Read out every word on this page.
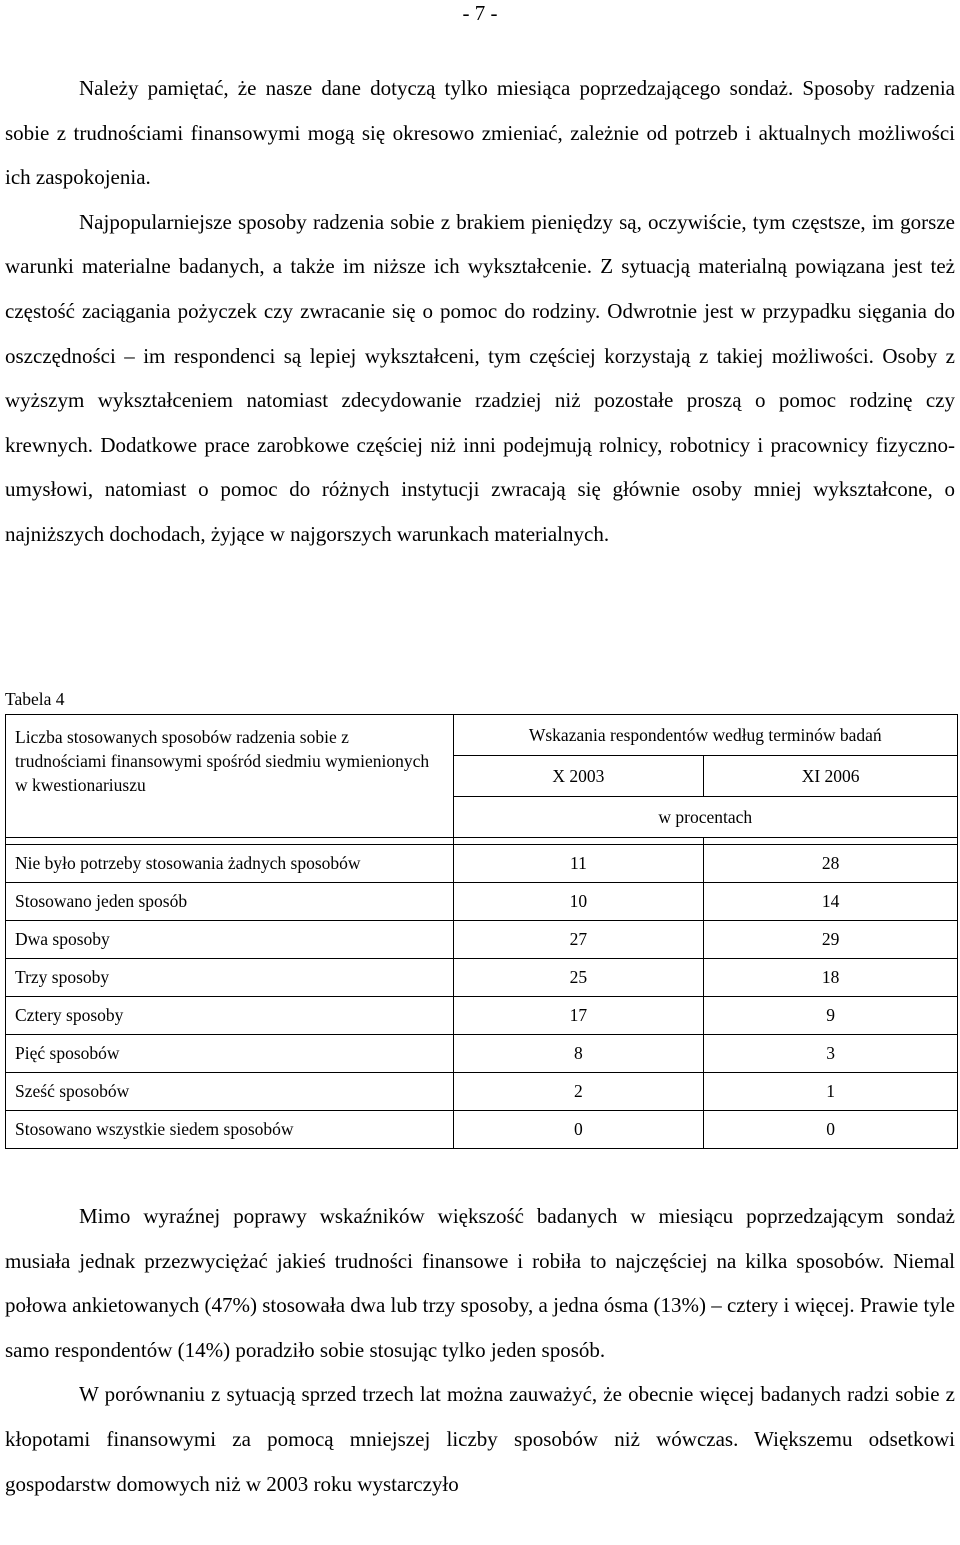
- 7 -

Należy pamiętać, że nasze dane dotyczą tylko miesiąca poprzedzającego sondaż. Sposoby radzenia sobie z trudnościami finansowymi mogą się okresowo zmieniać, zależnie od potrzeb i aktualnych możliwości ich zaspokojenia.

Najpopularniejsze sposoby radzenia sobie z brakiem pieniędzy są, oczywiście, tym częstsze, im gorsze warunki materialne badanych, a także im niższe ich wykształcenie. Z sytuacją materialną powiązana jest też częstość zaciągania pożyczek czy zwracanie się o pomoc do rodziny. Odwrotnie jest w przypadku sięgania do oszczędności – im respondenci są lepiej wykształceni, tym częściej korzystają z takiej możliwości. Osoby z wyższym wykształceniem natomiast zdecydowanie rzadziej niż pozostałe proszą o pomoc rodzinę czy krewnych. Dodatkowe prace zarobkowe częściej niż inni podejmują rolnicy, robotnicy i pracownicy fizyczno-umysłowi, natomiast o pomoc do różnych instytucji zwracają się głównie osoby mniej wykształcone, o najniższych dochodach, żyjące w najgorszych warunkach materialnych.

Tabela 4
Liczba stosowanych sposobów radzenia sobie z trudnościami finansowymi spośród siedmiu wymienionych w kwestionariuszu	Wskazania respondentów według terminów badań	
	X 2003	XI 2006
	w procentach	

Nie było potrzeby stosowania żadnych sposobów	11	28
Stosowano jeden sposób	10	14
Dwa sposoby	27	29
Trzy sposoby	25	18
Cztery sposoby	17	9
Pięć sposobów	8	3
Sześć sposobów	2	1
Stosowano wszystkie siedem sposobów	0	0

Mimo wyraźnej poprawy wskaźników większość badanych w miesiącu poprzedzającym sondaż musiała jednak przezwyciężać jakieś trudności finansowe i robiła to najczęściej na kilka sposobów. Niemal połowa ankietowanych (47%) stosowała dwa lub trzy sposoby, a jedna ósma (13%) – cztery i więcej. Prawie tyle samo respondentów (14%) poradziło sobie stosując tylko jeden sposób.

W porównaniu z sytuacją sprzed trzech lat można zauważyć, że obecnie więcej badanych radzi sobie z kłopotami finansowymi za pomocą mniejszej liczby sposobów niż wówczas. Większemu odsetkowi gospodarstw domowych niż w 2003 roku wystarczyło
